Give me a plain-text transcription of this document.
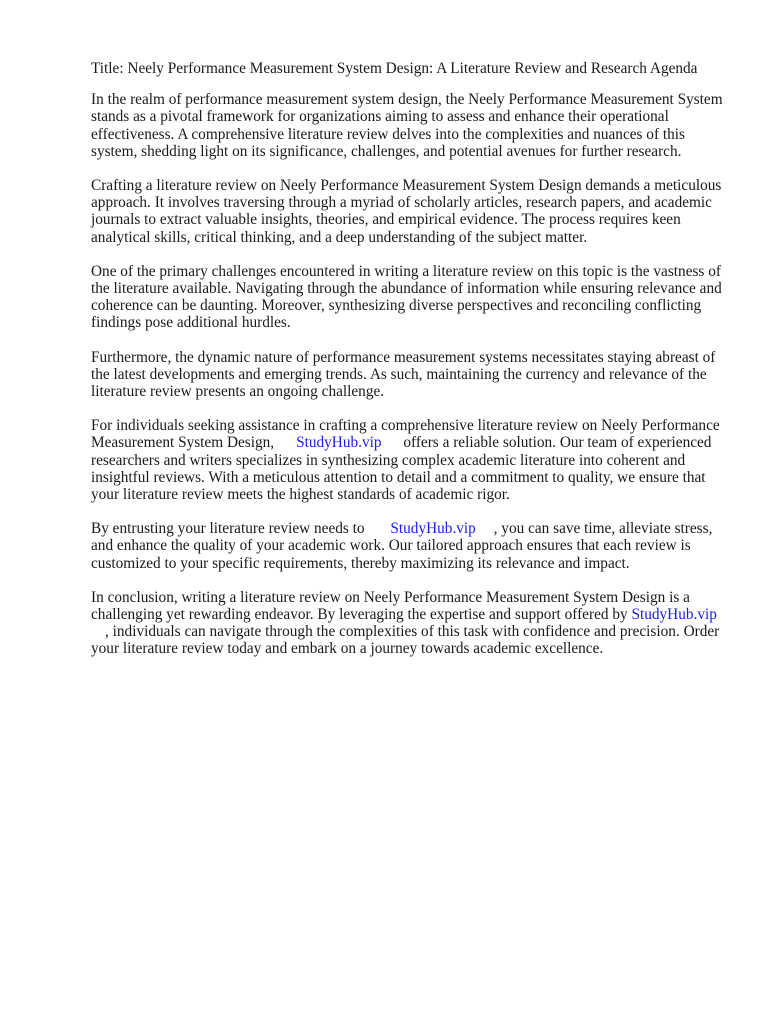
Title: Neely Performance Measurement System Design: A Literature Review and Research Agenda

In the realm of performance measurement system design, the Neely Performance Measurement System stands as a pivotal framework for organizations aiming to assess and enhance their operational effectiveness. A comprehensive literature review delves into the complexities and nuances of this system, shedding light on its significance, challenges, and potential avenues for further research.

Crafting a literature review on Neely Performance Measurement System Design demands a meticulous approach. It involves traversing through a myriad of scholarly articles, research papers, and academic journals to extract valuable insights, theories, and empirical evidence. The process requires keen analytical skills, critical thinking, and a deep understanding of the subject matter.

One of the primary challenges encountered in writing a literature review on this topic is the vastness of the literature available. Navigating through the abundance of information while ensuring relevance and coherence can be daunting. Moreover, synthesizing diverse perspectives and reconciling conflicting findings pose additional hurdles.

Furthermore, the dynamic nature of performance measurement systems necessitates staying abreast of the latest developments and emerging trends. As such, maintaining the currency and relevance of the literature review presents an ongoing challenge.

For individuals seeking assistance in crafting a comprehensive literature review on Neely Performance Measurement System Design, StudyHub.vip offers a reliable solution. Our team of experienced researchers and writers specializes in synthesizing complex academic literature into coherent and insightful reviews. With a meticulous attention to detail and a commitment to quality, we ensure that your literature review meets the highest standards of academic rigor.

By entrusting your literature review needs to StudyHub.vip , you can save time, alleviate stress, and enhance the quality of your academic work. Our tailored approach ensures that each review is customized to your specific requirements, thereby maximizing its relevance and impact.

In conclusion, writing a literature review on Neely Performance Measurement System Design is a challenging yet rewarding endeavor. By leveraging the expertise and support offered by StudyHub.vip , individuals can navigate through the complexities of this task with confidence and precision. Order your literature review today and embark on a journey towards academic excellence.
